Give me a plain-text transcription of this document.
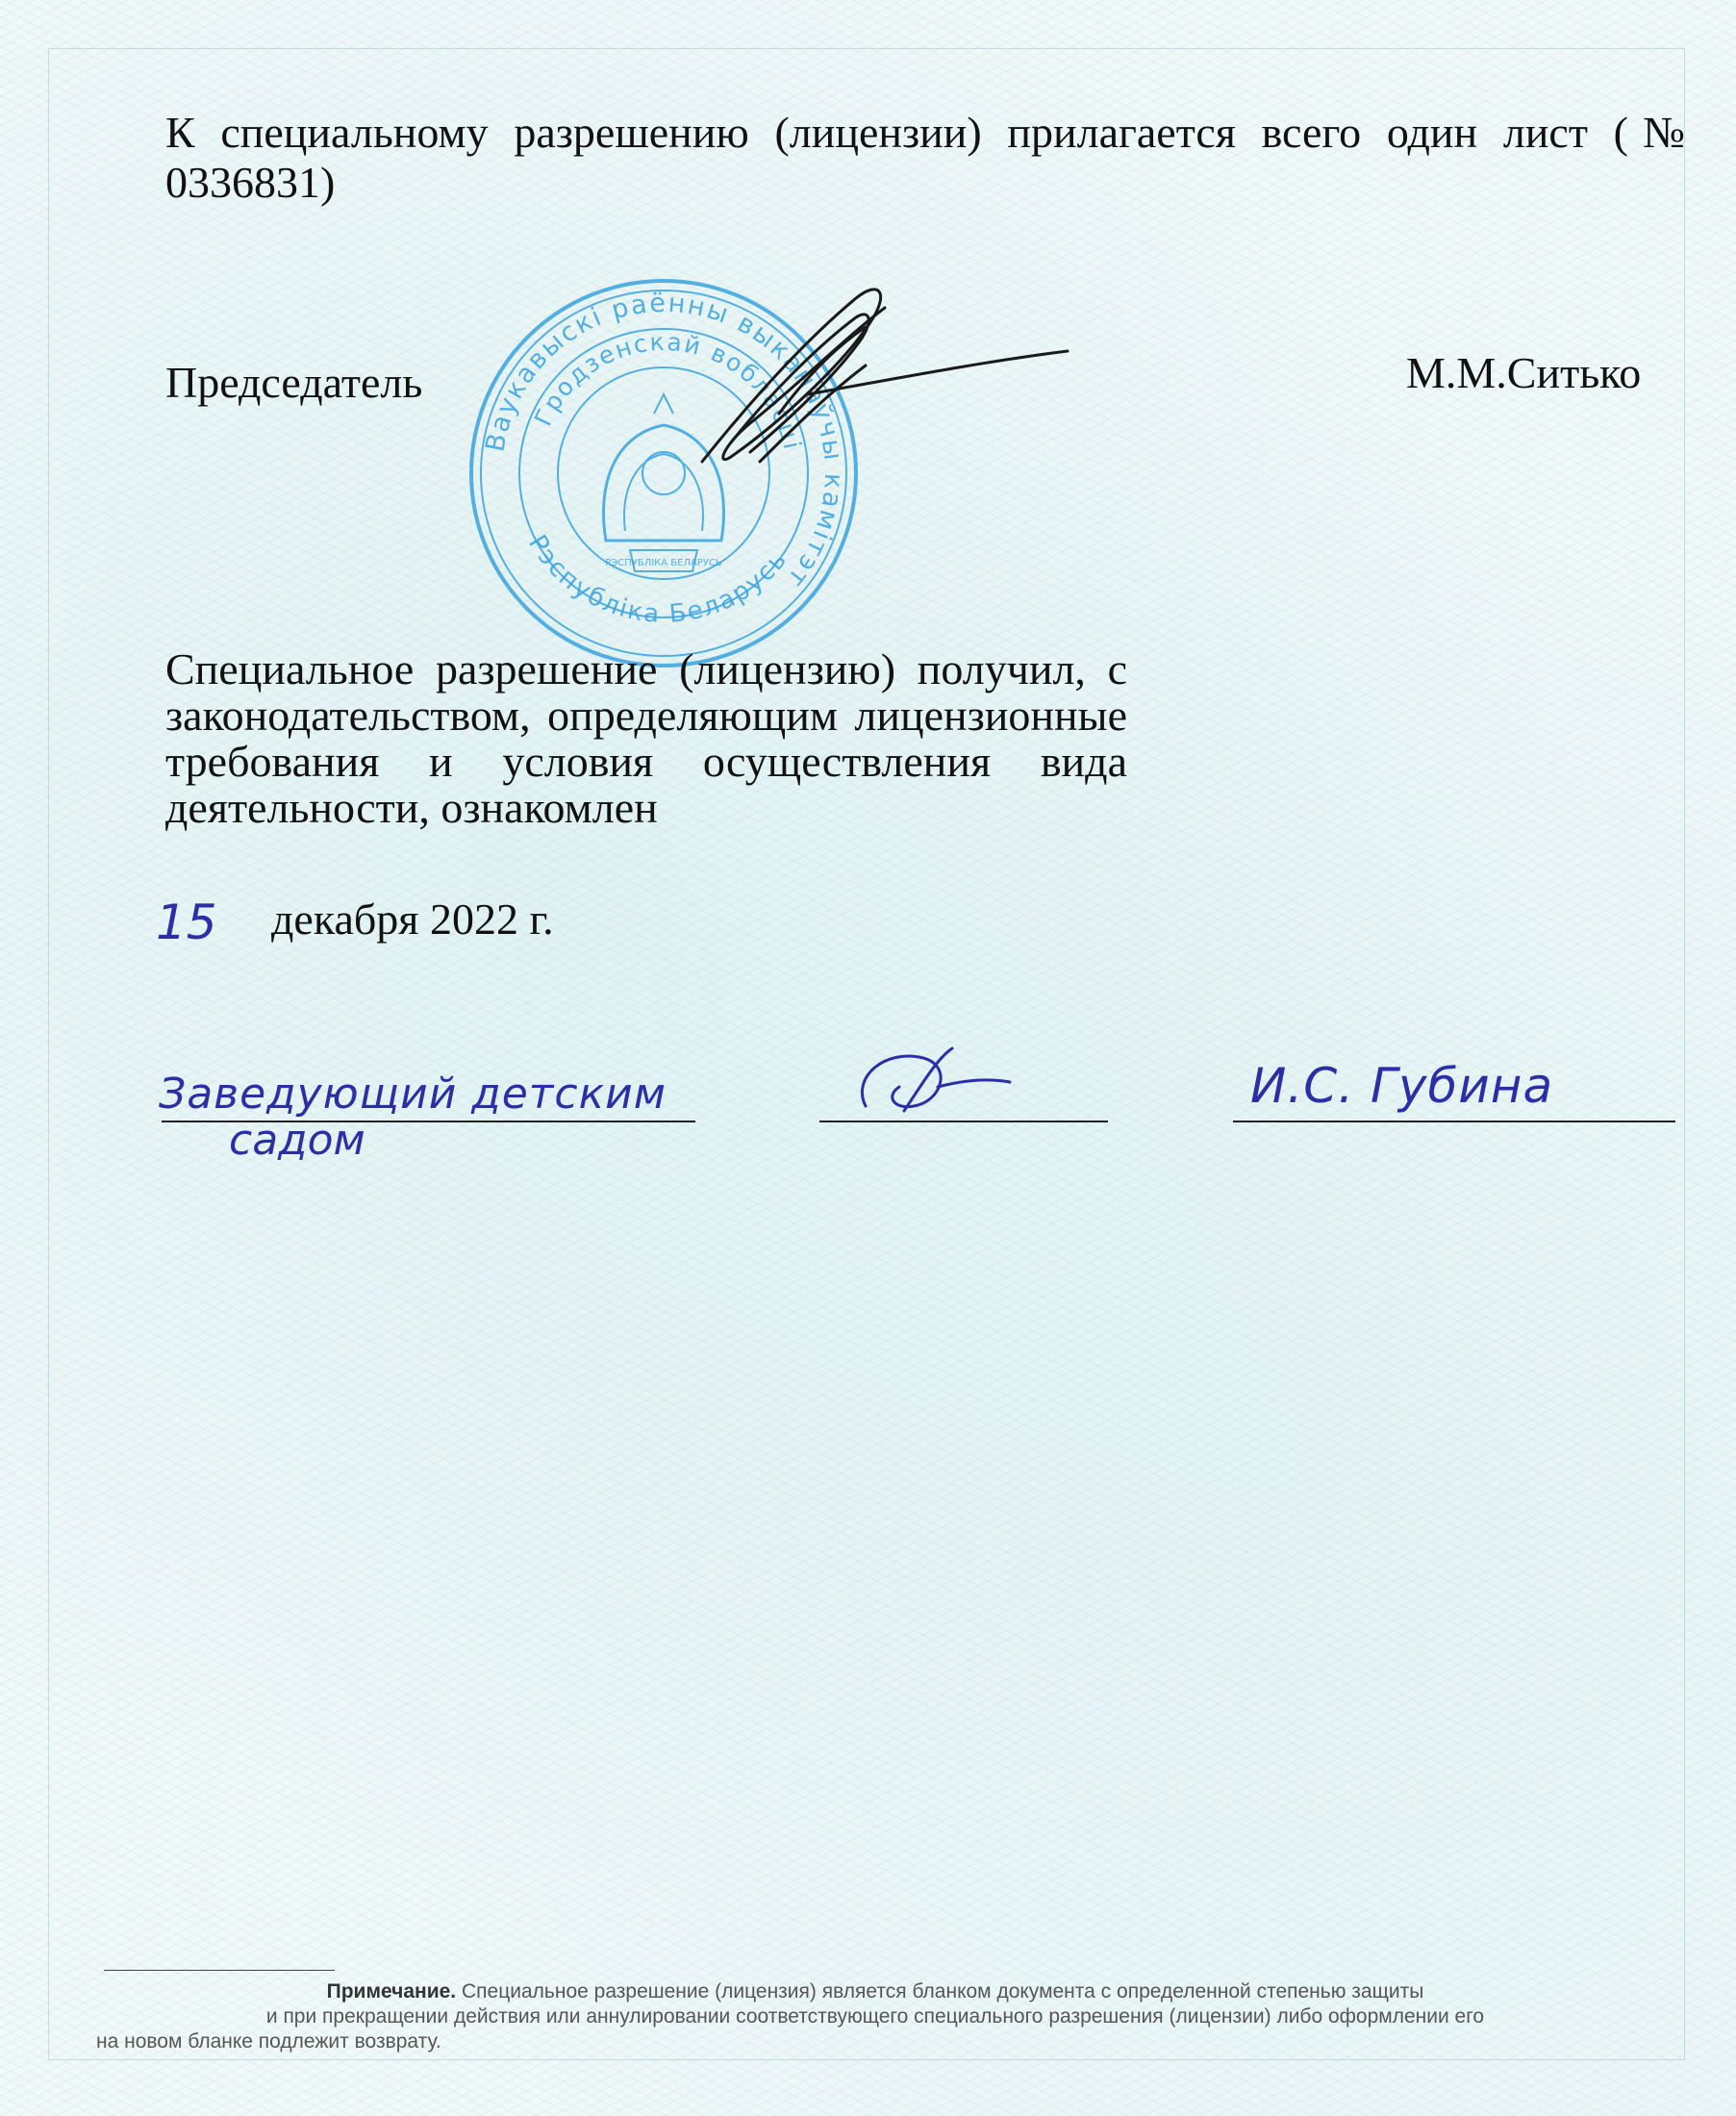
К специальному разрешению (лицензии) прилагается всего один лист (№ 0336831)
Председатель	М.М.Ситько
Ваукавыскі раённы выканаўчы камітэт
Гродзенскай вобласці
Рэспубліка Беларусь
РЭСПУБЛІКА БЕЛАРУСЬ
Специальное разрешение (лицензию) получил, с законодательством, определяющим лицензионные требования и условия осуществления вида деятельности, ознакомлен
15 декабря 2022 г.
Заведующий детским
садом
И.С. Губина
Примечание. Специальное разрешение (лицензия) является бланком документа с определенной степенью защиты
и при прекращении действия или аннулировании соответствующего специального разрешения (лицензии) либо оформлении его
на новом бланке подлежит возврату.
